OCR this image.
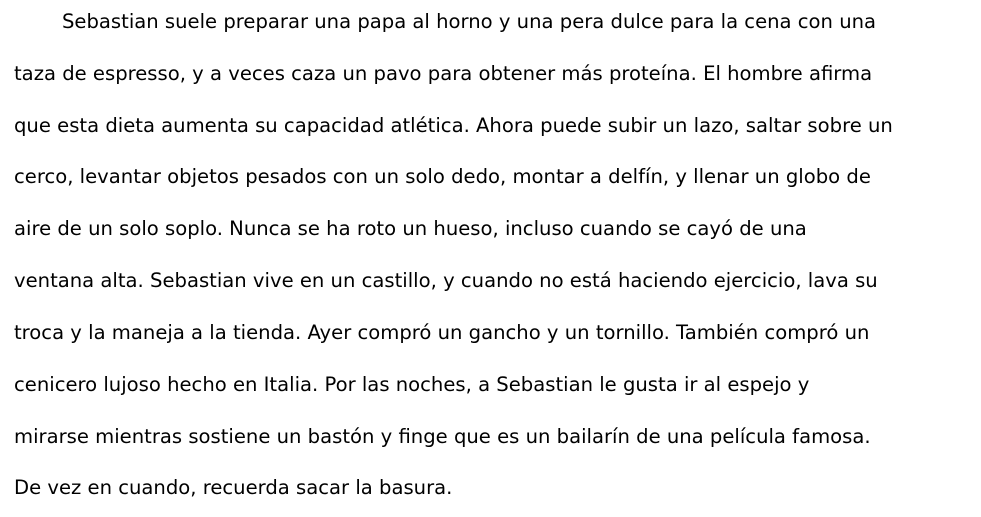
Sebastian suele preparar una papa al horno y una pera dulce para la cena con una
taza de espresso, y a veces caza un pavo para obtener más proteína. El hombre afirma
que esta dieta aumenta su capacidad atlética. Ahora puede subir un lazo, saltar sobre un
cerco, levantar objetos pesados con un solo dedo, montar a delfín, y llenar un globo de
aire de un solo soplo. Nunca se ha roto un hueso, incluso cuando se cayó de una
ventana alta. Sebastian vive en un castillo, y cuando no está haciendo ejercicio, lava su
troca y la maneja a la tienda. Ayer compró un gancho y un tornillo. También compró un
cenicero lujoso hecho en Italia. Por las noches, a Sebastian le gusta ir al espejo y
mirarse mientras sostiene un bastón y finge que es un bailarín de una película famosa.
De vez en cuando, recuerda sacar la basura.
